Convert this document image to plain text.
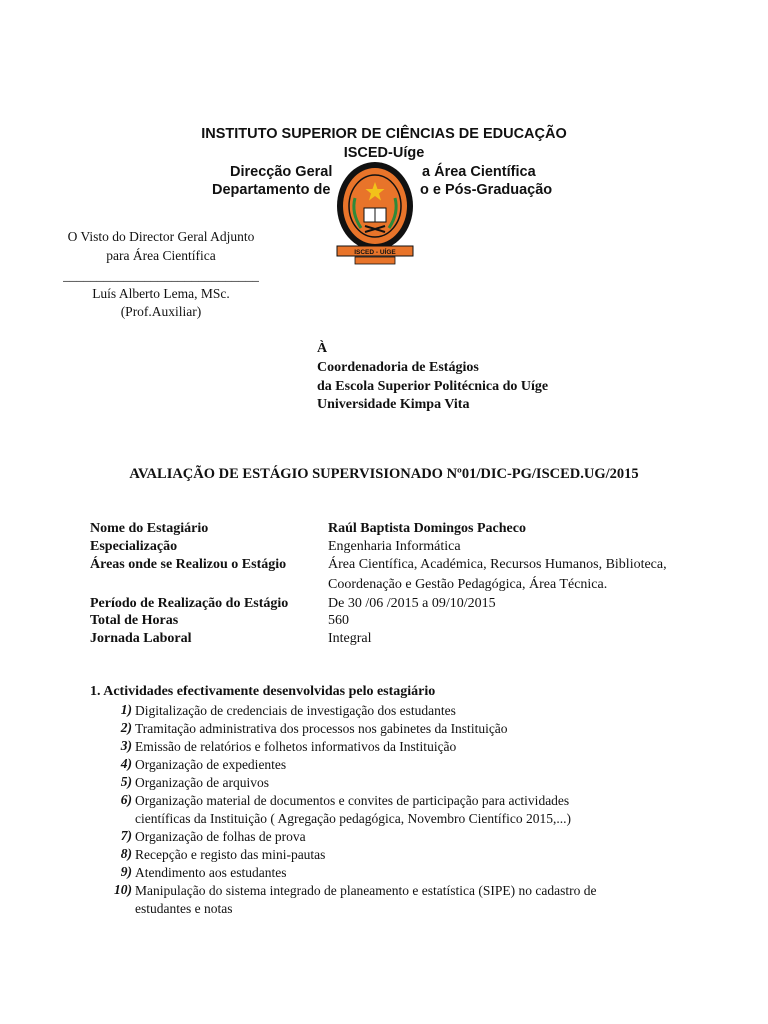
INSTITUTO SUPERIOR DE CIÊNCIAS DE EDUCAÇÃO
ISCED-Uíge
Direcção Geral	a Área Científica
Departamento de	o e Pós-Graduação
ISCED - UÍGE
O Visto do Director Geral Adjunto
para Área Científica
_____________________________
Luís Alberto Lema, MSc.
(Prof.Auxiliar)
À
Coordenadoria de Estágios
da Escola Superior Politécnica do Uíge
Universidade Kimpa Vita
AVALIAÇÃO DE ESTÁGIO SUPERVISIONADO Nº01/DIC-PG/ISCED.UG/2015
Nome do Estagiário	Raúl Baptista Domingos Pacheco
Especialização	Engenharia Informática
Áreas onde se Realizou o Estágio	Área Científica, Académica, Recursos Humanos, Biblioteca,
Coordenação e Gestão Pedagógica, Área Técnica.
Período de Realização do Estágio	De 30 /06 /2015 a 09/10/2015
Total de Horas	560
Jornada Laboral	Integral
1. Actividades efectivamente desenvolvidas pelo estagiário
1) Digitalização de credenciais de investigação dos estudantes
2) Tramitação administrativa dos processos nos gabinetes da Instituição
3) Emissão de relatórios e folhetos informativos da Instituição
4) Organização de expedientes
5) Organização de arquivos
6) Organização material de documentos e convites de participação para actividades
científicas da Instituição ( Agregação pedagógica, Novembro Científico 2015,...)
7) Organização de folhas de prova
8) Recepção e registo das mini-pautas
9) Atendimento aos estudantes
10) Manipulação do sistema integrado de planeamento e estatística (SIPE) no cadastro de
estudantes e notas
